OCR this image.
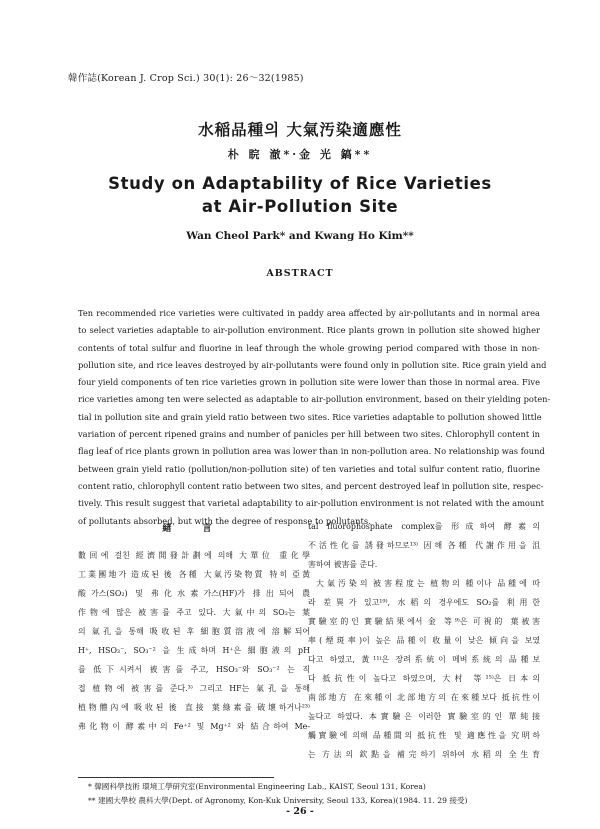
韓作誌(Korean J. Crop Sci.) 30(1): 26～32(1985)
水稲品種의 大氣汚染適應性
朴 睆 澈*·金 光 鎬**
Study on Adaptability of Rice Varieties
at Air-Pollution Site
Wan Cheol Park* and Kwang Ho Kim**
ABSTRACT
Ten recommended rice varieties were cultivated in paddy area affected by air-pollutants and in normal area
to select varieties adaptable to air-pollution environment. Rice plants grown in pollution site showed higher
contents of total sulfur and fluorine in leaf through the whole growing period compared with those in non-
pollution site, and rice leaves destroyed by air-pollutants were found only in pollution site. Rice grain yield and
four yield components of ten rice varieties grown in pollution site were lower than those in normal area. Five
rice varieties among ten were selected as adaptable to air-pollution environment, based on their yielding poten-
tial in pollution site and grain yield ratio between two sites. Rice varieties adaptable to pollution showed little
variation of percent ripened grains and number of panicles per hill between two sites. Chlorophyll content in
flag leaf of rice plants grown in pollution area was lower than in non-pollution area. No relationship was found
between grain yield ratio (pollution/non-pollution site) of ten varieties and total sulfur content ratio, fluorine
content ratio, chlorophyll content ratio between two sites, and percent destroyed leaf in pollution site, respec-
tively. This result suggest that varietal adaptability to air-pollution environment is not related with the amount
of pollutants absorbed, but with the degree of response to pollutants.
緖 言
數回에 걸친 經濟開發計劃에 의해 大單位 重化學
工業團地가 造成된 後 各種 大氣汚染物質 特히 亞黃
酸가스(SO₂) 및 弗化水素가스(HF)가 排出되어 農
作物에 많은 被害를 주고 있다. 大氣中의 SO₂는 葉
의 氣孔을 통해 吸收된 후 細胞質溶液에 溶解되어
H⁺, HSO₃⁻, SO₃⁻² 을 生成하며 H⁺은 細胞液의 pH
를 低下시켜서 被害를 주고, HSO₃⁻와 SO₃⁻² 는 직
접 植物에 被害를 준다.³⁾ 그리고 HF는 氣孔을 통해
植物體內에 吸收된 後 直接 葉綠素를 破壞하거나²³⁾
弗化物이 酵素中의 Fe⁺² 및 Mg⁺² 와 結合하여 Me-
tal fluorophosphate complex를 形成하여 酵素의
不活性化를 誘發하므로¹³⁾ 因해 各種 代謝作用을 沮
害하여 被害를 준다.
大氣汚染의 被害程度는 植物의 種이나 品種에 따
라 差異가 있고¹⁹⁾, 水稻의 경우에도 SO₂를 利用한
實驗室的인 實驗結果에서 金 等⁹⁾은 可視的 葉被害
率(煙斑率)이 높은 品種이 收量이 낮은 傾向을 보였
다고 하였고, 黃¹¹⁾은 장려系統이 메벼系統의 品種보
다 抵抗性이 높다고 하였으며, 大村 等¹⁵⁾은 日本의
南部地方 在來種이 北部地方의 在來種보다 抵抗性이
높다고 하였다. 本實驗은 이러한 實驗室的인 單純接
觸實驗에 의해 品種間의 抵抗性 및 適應性을 究明하
는 方法의 欽點을 補完하기 위하여 水稻의 全生育
* 韓國科學技術 環境工學研究室(Environmental Engineering Lab., KAIST, Seoul 131, Korea)
** 建國大學校 農科大學(Dept. of Agronomy, Kon-Kuk University, Seoul 133, Korea)(1984. 11. 29 接受)
- 26 -
